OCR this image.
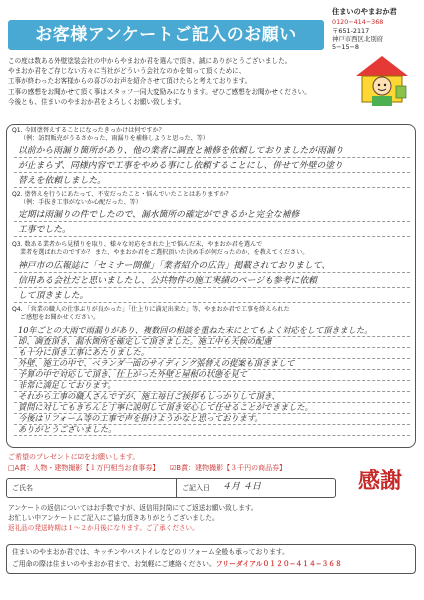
お客様アンケートご記入のお願い
住まいのやまおか君
0120−414−368
〒651-2117
神戸市西区北別府
5−15−8

この度は数ある外壁塗装会社の中からやまおか君を選んで頂き、誠にありがとうございました。

やまおか君をご存じない方々に当社がどういう会社なのかを知って頂くために、

工事が終わったお客様からの喜びのお声を紹介させて頂けたらと考えております。

工事の感想をお聞かせて頂く事はスタッフ一同大変励みになります。ぜひご感想をお聞かせください。

今後とも、住まいのやまおか君をよろしくお願い致します。

Q1. 今回塗替えすることになったきっかけは何ですか？
（例：訪問販売がうるさかった、雨漏りを補修しようと思った、等）
以前から雨漏り箇所があり、他の業者に調査と補修を依頼しておりましたが雨漏り
が止まらず、同様内容で工事をやめる事にし依頼することにし、併せて外壁の塗り
替えを依頼しました。
Q2. 塗替えを行うにあたって、不安だったこと・悩んでいたことはありますか？
（例：手抜き工事がないか心配だった、等）
定期は雨漏りの件でしたので、漏水箇所の確定ができるかと完全な補修
工事でした。
Q3. 数ある業者から見積りを取り、様々な対応をされた上で悩んだ末、やまおか君を選んで
業者を選ばれたのですか？ また、やまおか君をご選択頂いた決め手が何だったのか、を教えてください。
神戸市の広報誌に「セミナー開催」「業者紹介の広告」掲載されておりまして、
信用ある会社だと思いましたし、公共物件の施工実績のページも参考に依頼
して頂きました。
Q4. 「営業の職人の仕事ぶりが良かった」「仕上りに満足出来た」等、やまおか君で工事を終えられた
ご感想をお聞かせください。
10年ごとの大雨で雨漏りがあり、複数回の相談を重ねた末にとてもよく対応をして頂きました。
即、調査頂き、漏水箇所を確定して頂きました。施工中も天候の配慮
も十分に頂き工事にあたりました。
外壁、施工の中で、ベランダ一面のサイディング張替えの提案も頂きまして
予算の中で対応して頂き、仕上がった外壁と屋根の状態を見て
非常に満足しております。
それから工事の職人さんですが、施工毎日ご挨拶もしっかりして頂き、
質問に対してもきちんと丁寧に説明して頂き安心して任せることができました。
今後はリフォーム等の工事で声を掛けようかなと思っております。
ありがとうございました。
ご希望のプレゼントに☑をお願いします。
□A賞：人物・建物撮影【１万円相当お食事券】 ☑B賞：建物撮影【３千円の商品券】
ご氏名	ご記入日 ４月 ４日	感謝
アンケートの返信についてはお手数ですが、返信用封筒にてご返送お願い致します。
お忙しい中アンケートにご記入にご協力頂きありがとうございました。
返礼品の発送時期は１〜２か月後になります。ご了承ください。
住まいのやまおか君では、キッチンやバストイレなどのリフォーム全般も承っております。
ご用命の際は住まいのやまおか君まで、お気軽にご連絡ください。フリーダイアル０１２０−４１４−３６８
